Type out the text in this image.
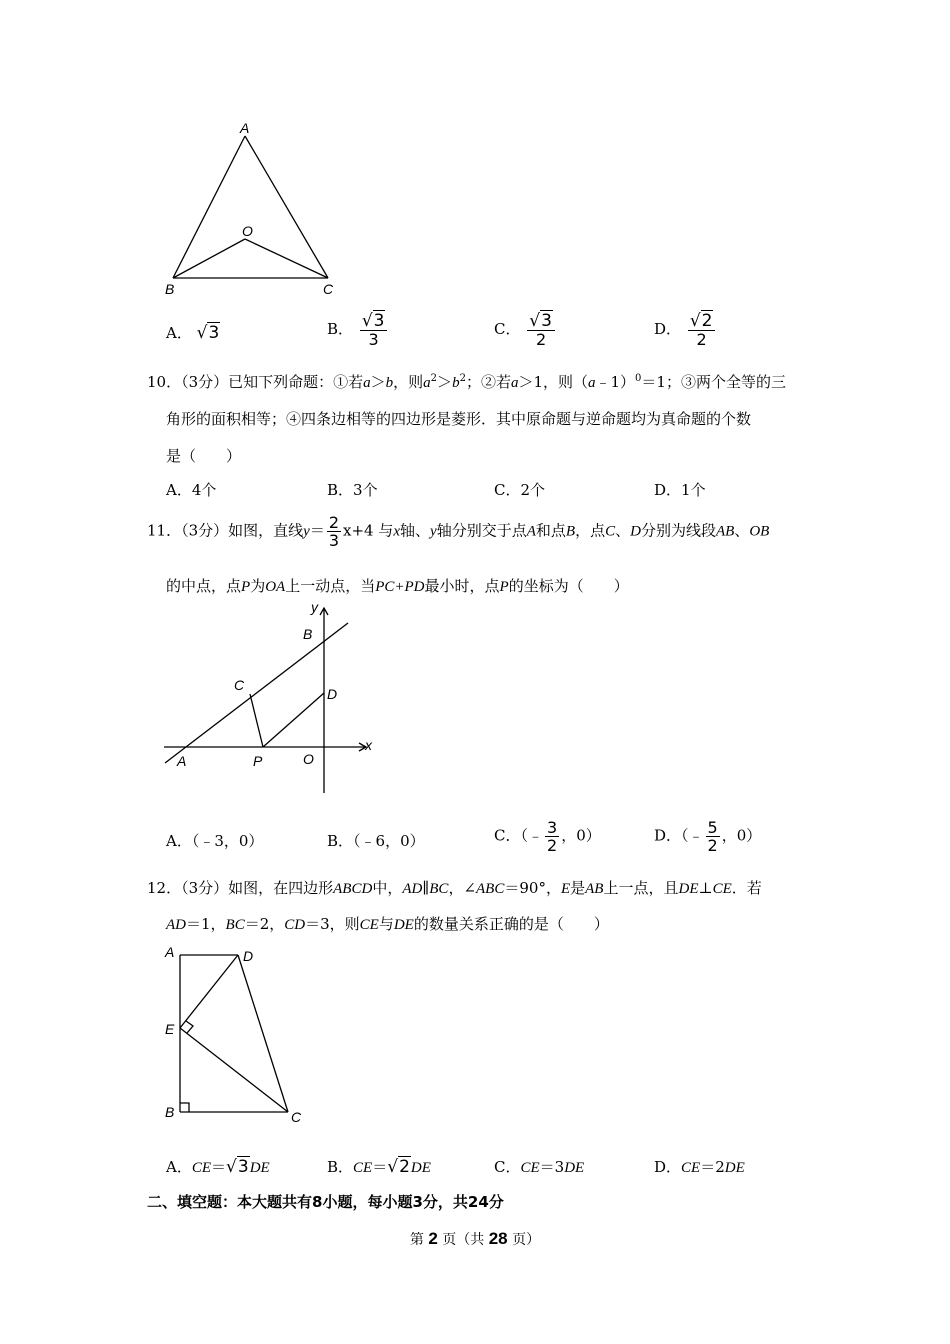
A
O
B	C
A． √3	B． $\frac{√3}{3}$	C． $\frac{√3}{2}$	D． $\frac{√2}{2}$
10．（3分）已知下列命题：①若a＞b，则$a^2>b^2$；②若a＞1，则（a﹣1）$^0$＝1；③两个全等的三
角形的面积相等；④四条边相等的四边形是菱形．其中原命题与逆命题均为真命题的个数
是（　　）
A．4个	B．3个	C．2个	D．1个
11．（3分）如图，直线$y= \frac{2}{3} x+4$ 与x轴、y轴分别交于点A和点B，点C、D分别为线段AB、OB
的中点，点P为OA上一动点，当PC+PD最小时，点P的坐标为（　　）
y
B
C
D
x
A	P	O
A．（﹣3，0）	B．（﹣6，0）	C．（﹣ $\frac{3}{2}$ ，0）	D．（﹣ $\frac{5}{2}$ ，0）
12．（3分）如图，在四边形ABCD中，AD∥BC，∠ABC＝90°，E是AB上一点，且DE⊥CE．若
AD＝1，BC＝2，CD＝3，则CE与DE的数量关系正确的是（　　）
A	D
E
B	C
A．CE＝√3DE	B．CE＝√2DE	C．CE＝3DE	D．CE＝2DE
二、填空题：本大题共有8小题，每小题3分，共24分
第 2 页（共 28 页）
